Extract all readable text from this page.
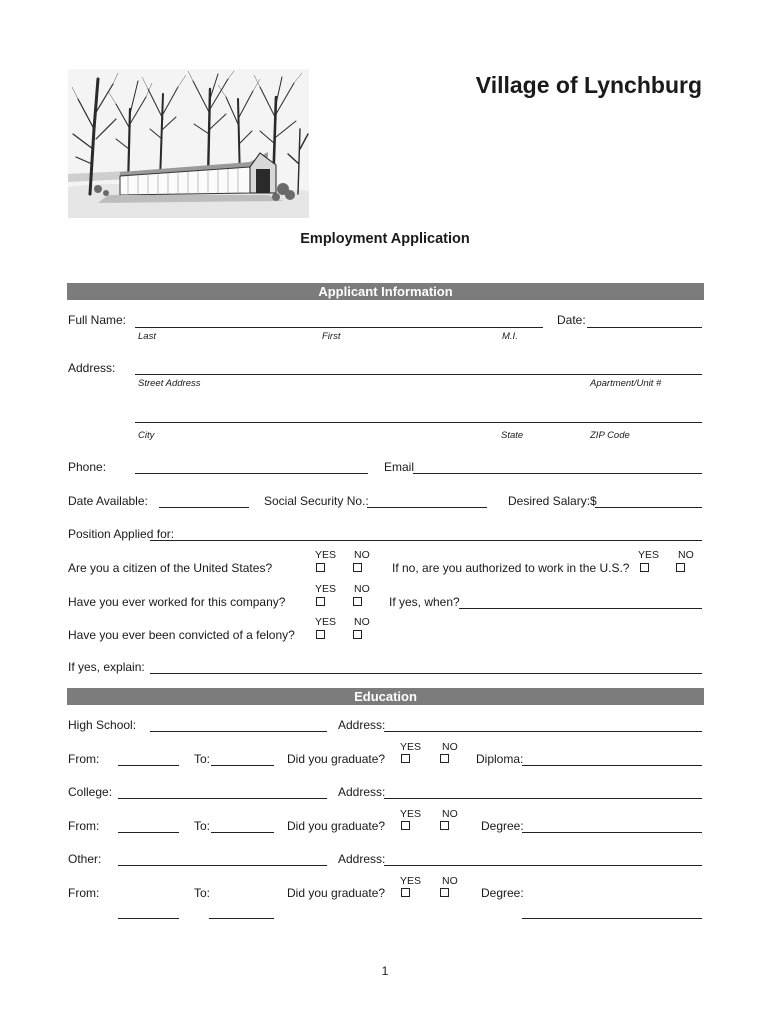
Village of Lynchburg
Employment Application
Applicant Information
Full Name:
Last	First	M.I.
Date:
Address:
Street Address	Apartment/Unit #
City	State	ZIP Code
Phone:	Email
Date Available:	Social Security No.:	Desired Salary:$
Position Applied for:
YES NO
Are you a citizen of the United States?
YES NO
If no, are you authorized to work in the U.S.?
YES NO
Have you ever worked for this company?	If yes, when?
YES NO
Have you ever been convicted of a felony?
If yes, explain:
Education
High School:	Address:
YES NO
From:	To:	Did you graduate?	Diploma:
College:	Address:
YES NO
From:	To:	Did you graduate?	Degree:
Other:	Address:
YES NO
From:	To:	Did you graduate?	Degree:
1
